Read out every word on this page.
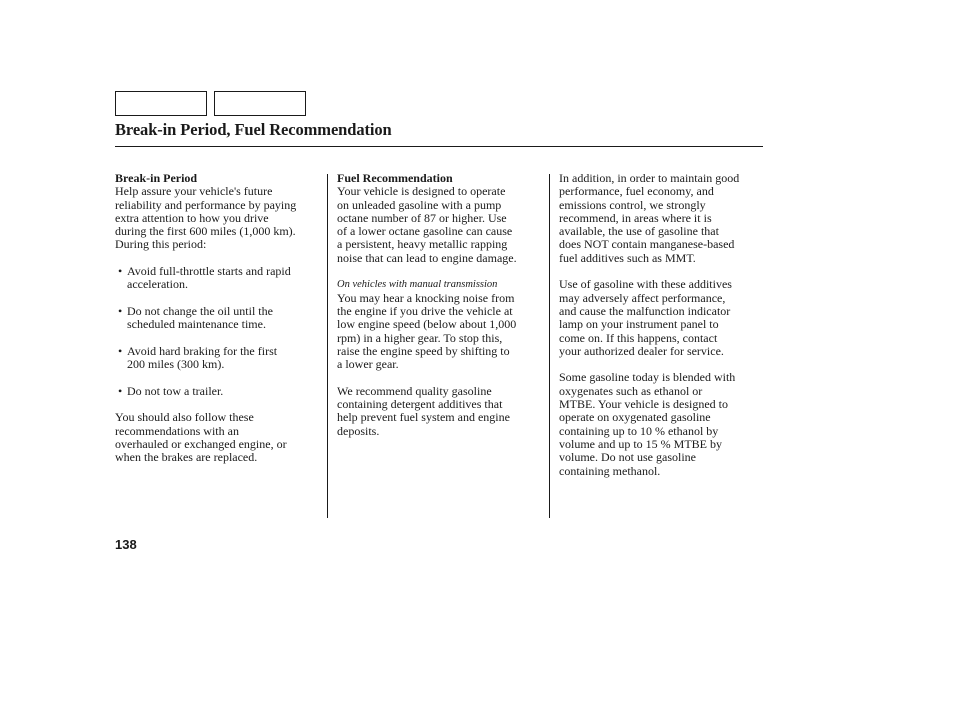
Break-in Period, Fuel Recommendation
Break-in Period
Help assure your vehicle's future
reliability and performance by paying
extra attention to how you drive
during the first 600 miles (1,000 km).
During this period:
• Avoid full-throttle starts and rapid
acceleration.
• Do not change the oil until the
scheduled maintenance time.
• Avoid hard braking for the first
200 miles (300 km).
• Do not tow a trailer.
You should also follow these
recommendations with an
overhauled or exchanged engine, or
when the brakes are replaced.
Fuel Recommendation
Your vehicle is designed to operate
on unleaded gasoline with a pump
octane number of 87 or higher. Use
of a lower octane gasoline can cause
a persistent, heavy metallic rapping
noise that can lead to engine damage.
On vehicles with manual transmission
You may hear a knocking noise from
the engine if you drive the vehicle at
low engine speed (below about 1,000
rpm) in a higher gear. To stop this,
raise the engine speed by shifting to
a lower gear.
We recommend quality gasoline
containing detergent additives that
help prevent fuel system and engine
deposits.
In addition, in order to maintain good
performance, fuel economy, and
emissions control, we strongly
recommend, in areas where it is
available, the use of gasoline that
does NOT contain manganese-based
fuel additives such as MMT.
Use of gasoline with these additives
may adversely affect performance,
and cause the malfunction indicator
lamp on your instrument panel to
come on. If this happens, contact
your authorized dealer for service.
Some gasoline today is blended with
oxygenates such as ethanol or
MTBE. Your vehicle is designed to
operate on oxygenated gasoline
containing up to 10 % ethanol by
volume and up to 15 % MTBE by
volume. Do not use gasoline
containing methanol.
138
